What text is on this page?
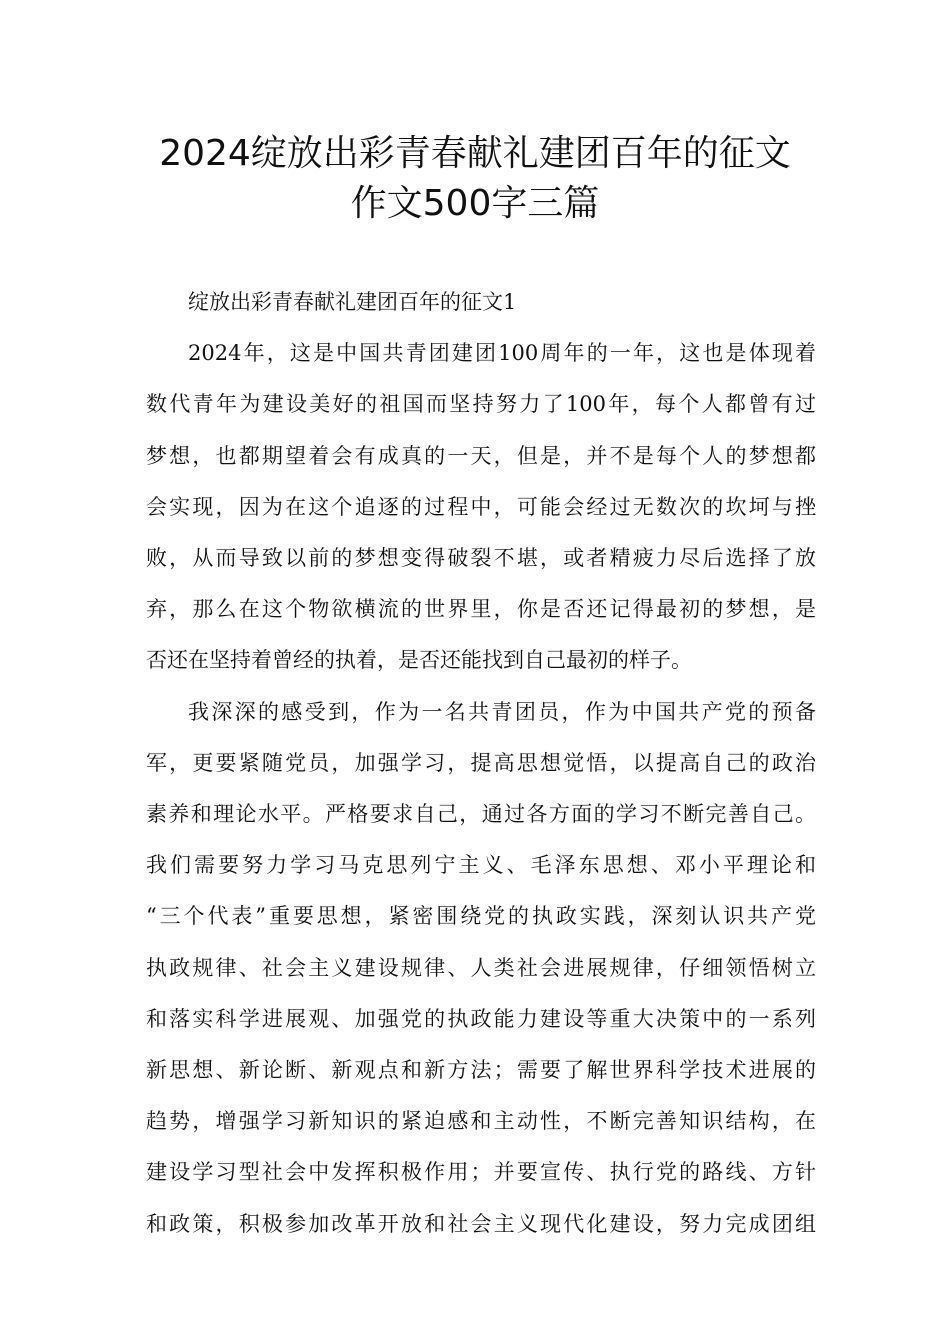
2024绽放出彩青春献礼建团百年的征文
作文500字三篇
绽放出彩青春献礼建团百年的征文1
2024年，这是中国共青团建团100周年的一年，这也是体现着
数代青年为建设美好的祖国而坚持努力了100年，每个人都曾有过
梦想，也都期望着会有成真的一天，但是，并不是每个人的梦想都
会实现，因为在这个追逐的过程中，可能会经过无数次的坎坷与挫
败，从而导致以前的梦想变得破裂不堪，或者精疲力尽后选择了放
弃，那么在这个物欲横流的世界里，你是否还记得最初的梦想，是
否还在坚持着曾经的执着，是否还能找到自己最初的样子。
我深深的感受到，作为一名共青团员，作为中国共产党的预备
军，更要紧随党员，加强学习，提高思想觉悟，以提高自己的政治
素养和理论水平。严格要求自己，通过各方面的学习不断完善自己。
我们需要努力学习马克思列宁主义、毛泽东思想、邓小平理论和
“三个代表”重要思想，紧密围绕党的执政实践，深刻认识共产党
执政规律、社会主义建设规律、人类社会进展规律，仔细领悟树立
和落实科学进展观、加强党的执政能力建设等重大决策中的一系列
新思想、新论断、新观点和新方法；需要了解世界科学技术进展的
趋势，增强学习新知识的紧迫感和主动性，不断完善知识结构，在
建设学习型社会中发挥积极作用；并要宣传、执行党的路线、方针
和政策，积极参加改革开放和社会主义现代化建设，努力完成团组
